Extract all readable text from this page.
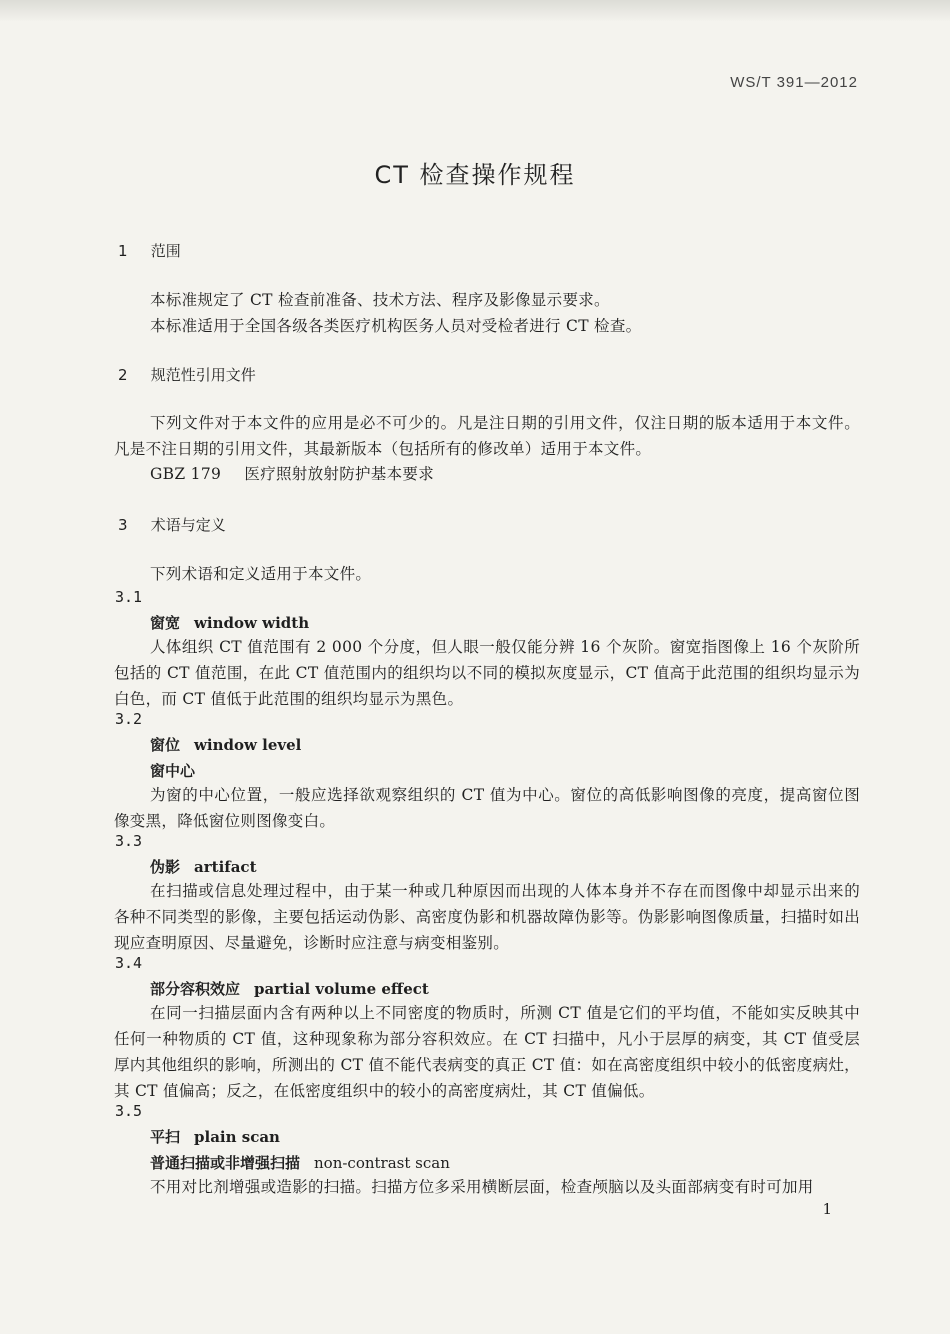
WS/T 391—2012
CT 检查操作规程
1 范围
本标准规定了 CT 检查前准备、技术方法、程序及影像显示要求。
本标准适用于全国各级各类医疗机构医务人员对受检者进行 CT 检查。
2 规范性引用文件
下列文件对于本文件的应用是必不可少的。凡是注日期的引用文件，仅注日期的版本适用于本文件。凡是不注日期的引用文件，其最新版本（包括所有的修改单）适用于本文件。
GBZ 179 医疗照射放射防护基本要求
3 术语与定义
下列术语和定义适用于本文件。
3.1
窗宽 window width
人体组织 CT 值范围有 2 000 个分度，但人眼一般仅能分辨 16 个灰阶。窗宽指图像上 16 个灰阶所包括的 CT 值范围，在此 CT 值范围内的组织均以不同的模拟灰度显示，CT 值高于此范围的组织均显示为白色，而 CT 值低于此范围的组织均显示为黑色。
3.2
窗位 window level
窗中心
为窗的中心位置，一般应选择欲观察组织的 CT 值为中心。窗位的高低影响图像的亮度，提高窗位图像变黑，降低窗位则图像变白。
3.3
伪影 artifact
在扫描或信息处理过程中，由于某一种或几种原因而出现的人体本身并不存在而图像中却显示出来的各种不同类型的影像，主要包括运动伪影、高密度伪影和机器故障伪影等。伪影影响图像质量，扫描时如出现应查明原因、尽量避免，诊断时应注意与病变相鉴别。
3.4
部分容积效应 partial volume effect
在同一扫描层面内含有两种以上不同密度的物质时，所测 CT 值是它们的平均值，不能如实反映其中任何一种物质的 CT 值，这种现象称为部分容积效应。在 CT 扫描中，凡小于层厚的病变，其 CT 值受层厚内其他组织的影响，所测出的 CT 值不能代表病变的真正 CT 值：如在高密度组织中较小的低密度病灶，其 CT 值偏高；反之，在低密度组织中的较小的高密度病灶，其 CT 值偏低。
3.5
平扫 plain scan
普通扫描或非增强扫描 non-contrast scan
不用对比剂增强或造影的扫描。扫描方位多采用横断层面，检查颅脑以及头面部病变有时可加用
1
